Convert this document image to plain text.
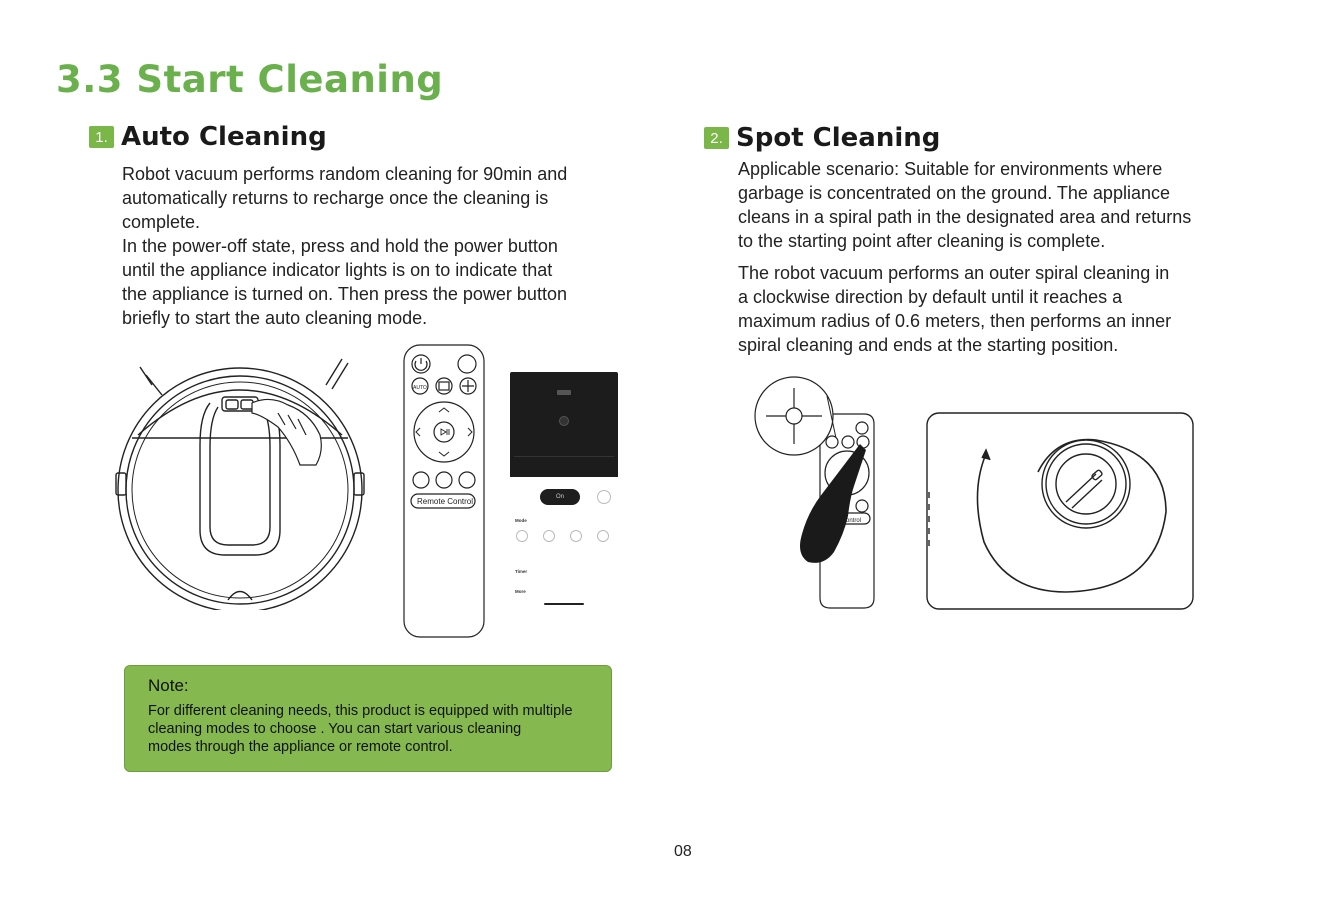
3.3 Start Cleaning
1. Auto Cleaning
Robot vacuum performs random cleaning for 90min and
automatically returns to recharge once the cleaning is
complete.
In the power-off state, press and hold the power button
until the appliance indicator lights is on to indicate that
the appliance is turned on. Then press the power button
briefly to start the auto cleaning mode.
2. Spot Cleaning
Applicable scenario: Suitable for environments where
garbage is concentrated on the ground. The appliance
cleans in a spiral path in the designated area and returns
to the starting point after cleaning is complete.
The robot vacuum performs an outer spiral cleaning in
a clockwise direction by default until it reaches a
maximum radius of 0.6 meters, then performs an inner
spiral cleaning and ends at the starting position.
AUTO
Remote Control	On
Mode
Timer
More
ontrol
Note:
For different cleaning needs, this product is equipped with multiple
cleaning modes to choose . You can start various cleaning
modes through the appliance or remote control.
08
